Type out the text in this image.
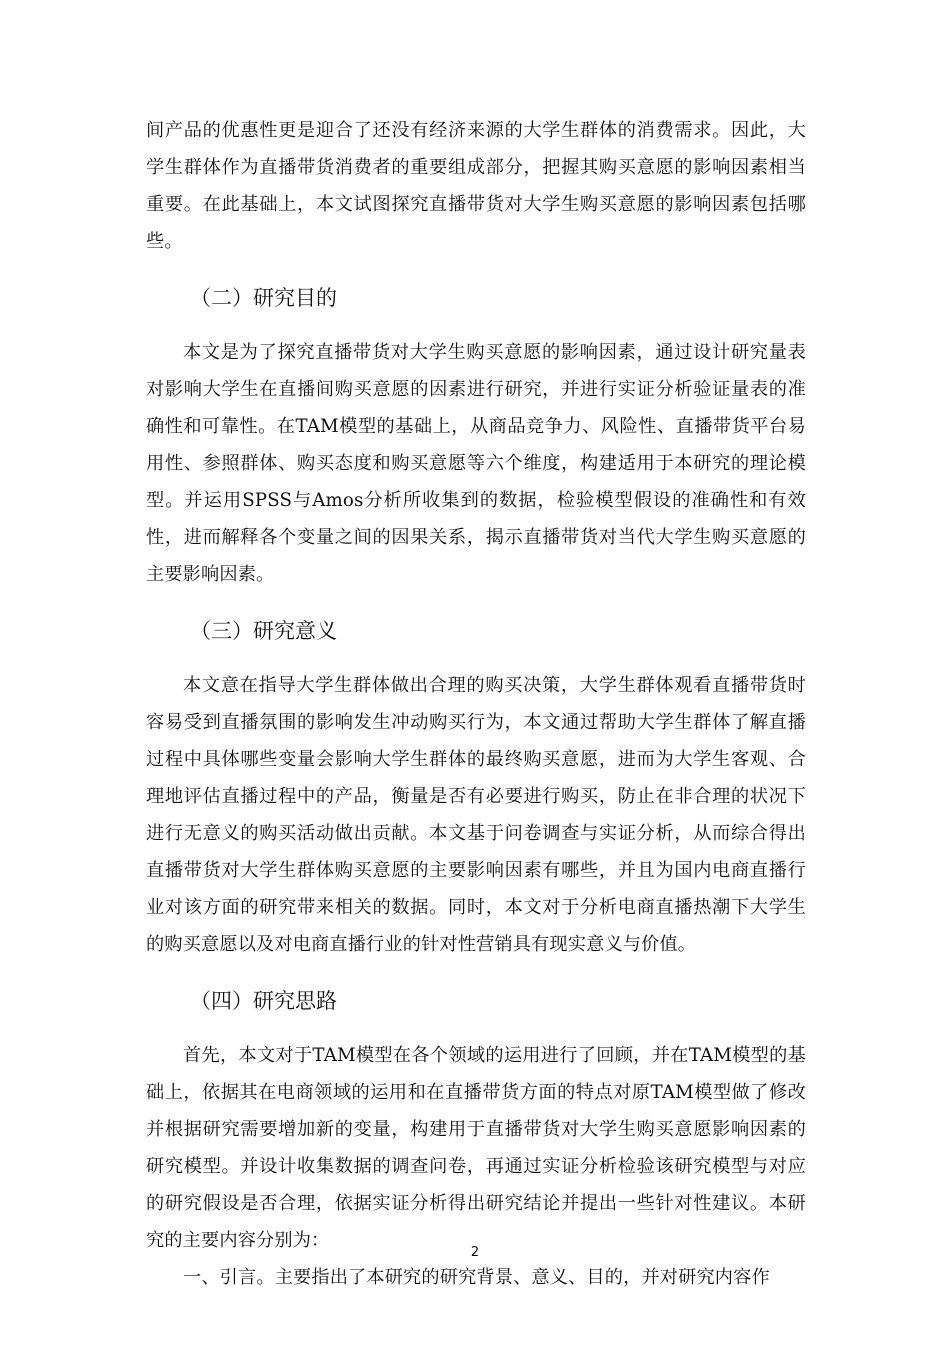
间产品的优惠性更是迎合了还没有经济来源的大学生群体的消费需求。因此，大学生群体作为直播带货消费者的重要组成部分，把握其购买意愿的影响因素相当重要。在此基础上，本文试图探究直播带货对大学生购买意愿的影响因素包括哪些。

（二）研究目的

本文是为了探究直播带货对大学生购买意愿的影响因素，通过设计研究量表对影响大学生在直播间购买意愿的因素进行研究，并进行实证分析验证量表的准确性和可靠性。在TAM模型的基础上，从商品竞争力、风险性、直播带货平台易用性、参照群体、购买态度和购买意愿等六个维度，构建适用于本研究的理论模型。并运用SPSS与Amos分析所收集到的数据，检验模型假设的准确性和有效性，进而解释各个变量之间的因果关系，揭示直播带货对当代大学生购买意愿的主要影响因素。

（三）研究意义

本文意在指导大学生群体做出合理的购买决策，大学生群体观看直播带货时容易受到直播氛围的影响发生冲动购买行为，本文通过帮助大学生群体了解直播过程中具体哪些变量会影响大学生群体的最终购买意愿，进而为大学生客观、合理地评估直播过程中的产品，衡量是否有必要进行购买，防止在非合理的状况下进行无意义的购买活动做出贡献。本文基于问卷调查与实证分析，从而综合得出直播带货对大学生群体购买意愿的主要影响因素有哪些，并且为国内电商直播行业对该方面的研究带来相关的数据。同时，本文对于分析电商直播热潮下大学生的购买意愿以及对电商直播行业的针对性营销具有现实意义与价值。

（四）研究思路

首先，本文对于TAM模型在各个领域的运用进行了回顾，并在TAM模型的基础上，依据其在电商领域的运用和在直播带货方面的特点对原TAM模型做了修改并根据研究需要增加新的变量，构建用于直播带货对大学生购买意愿影响因素的研究模型。并设计收集数据的调查问卷，再通过实证分析检验该研究模型与对应的研究假设是否合理，依据实证分析得出研究结论并提出一些针对性建议。本研究的主要内容分别为：

一、引言。主要指出了本研究的研究背景、意义、目的，并对研究内容作

2
